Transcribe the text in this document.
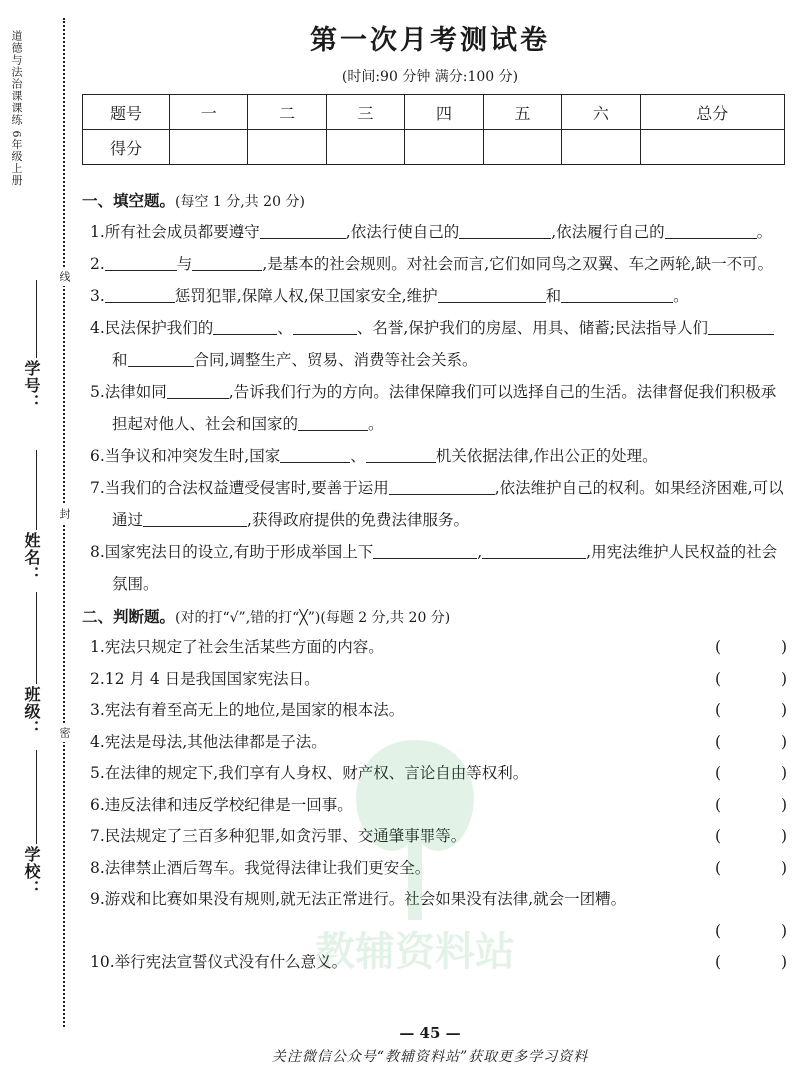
道德与法治课课练 6年级上册
线
封
密
学号：
姓名：
班级：
学校：
第一次月考测试卷
(时间:90 分钟 满分:100 分)
题号	一	二	三	四	五	六	总分
得分							
一、填空题。(每空 1 分,共 20 分)
1.所有社会成员都要遵守	,依法行使自己的	,依法履行自己的	。
2.	与	,是基本的社会规则。对社会而言,它们如同鸟之双翼、车之两轮,缺一不可。
3.	惩罚犯罪,保障人权,保卫国家安全,维护	和	。
4.民法保护我们的	、	、名誉,保护我们的房屋、用具、储蓄;民法指导人们和	合同,调整生产、贸易、消费等社会关系。
5.法律如同	,告诉我们行为的方向。法律保障我们可以选择自己的生活。法律督促我们积极承担起对他人、社会和国家的	。
6.当争议和冲突发生时,国家	、	机关依据法律,作出公正的处理。
7.当我们的合法权益遭受侵害时,要善于运用	,依法维护自己的权利。如果经济困难,可以通过	,获得政府提供的免费法律服务。
8.国家宪法日的设立,有助于形成举国上下	,	,用宪法维护人民权益的社会氛围。
二、判断题。(对的打“√”,错的打“╳”)(每题 2 分,共 20 分)
1.宪法只规定了社会生活某些方面的内容。	(	)
2.12 月 4 日是我国国家宪法日。	(	)
3.宪法有着至高无上的地位,是国家的根本法。	(	)
4.宪法是母法,其他法律都是子法。	(	)
5.在法律的规定下,我们享有人身权、财产权、言论自由等权利。	(	)
6.违反法律和违反学校纪律是一回事。	(	)
7.民法规定了三百多种犯罪,如贪污罪、交通肇事罪等。	(	)
8.法律禁止酒后驾车。我觉得法律让我们更安全。	(	)
9.游戏和比赛如果没有规则,就无法正常进行。社会如果没有法律,就会一团糟。
(	)
10.举行宪法宣誓仪式没有什么意义。	(	)
教辅资料站
— 45 —
关注微信公众号“教辅资料站”获取更多学习资料
